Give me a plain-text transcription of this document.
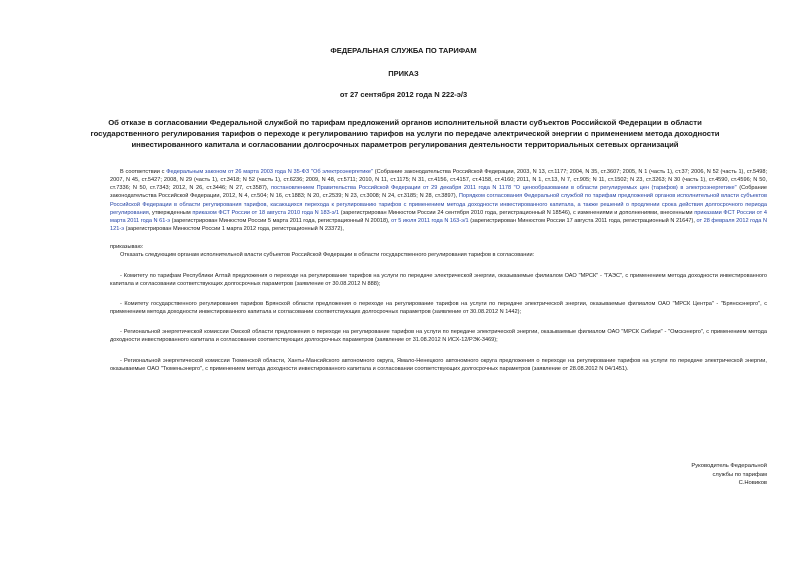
ФЕДЕРАЛЬНАЯ СЛУЖБА ПО ТАРИФАМ
ПРИКАЗ
от 27 сентября 2012 года N 222-э/3
Об отказе в согласовании Федеральной службой по тарифам предложений органов исполнительной власти субъектов Российской Федерации в области
государственного регулирования тарифов о переходе к регулированию тарифов на услуги по передаче электрической энергии с применением метода доходности
инвестированного капитала и согласовании долгосрочных параметров регулирования деятельности территориальных сетевых организаций

В соответствии с Федеральным законом от 26 марта 2003 года N 35-ФЗ "Об электроэнергетике" (Собрание законодательства Российской Федерации, 2003, N 13, ст.1177; 2004, N 35, ст.3607; 2005, N 1 (часть 1), ст.37; 2006, N 52 (часть 1), ст.5498; 2007, N 45, ст.5427; 2008, N 29 (часть 1), ст.3418; N 52 (часть 1), ст.6236; 2009, N 48, ст.5711; 2010, N 11, ст.1175; N 31, ст.4156, ст.4157, ст.4158, ст.4160; 2011, N 1, ст.13, N 7, ст.905; N 11, ст.1502; N 23, ст.3263; N 30 (часть 1), ст.4590, ст.4596; N 50, ст.7336; N 50, ст.7343; 2012, N 26, ст.3446; N 27, ст.3587), постановлением Правительства Российской Федерации от 29 декабря 2011 года N 1178 "О ценообразовании в области регулируемых цен (тарифов) в электроэнергетике" (Собрание законодательства Российской Федерации, 2012, N 4, ст.504; N 16, ст.1883; N 20, ст.2539; N 23, ст.3008; N 24, ст.3185; N 28, ст.3897), Порядком согласования Федеральной службой по тарифам предложений органов исполнительной власти субъектов Российской Федерации в области регулирования тарифов, касающихся перехода к регулированию тарифов с применением метода доходности инвестированного капитала, а также решений о продлении срока действия долгосрочного периода регулирования, утвержденным приказом ФСТ России от 18 августа 2010 года N 183-э/1 (зарегистрирован Минюстом России 24 сентября 2010 года, регистрационный N 18546), с изменениями и дополнениями, внесенными приказами ФСТ России от 4 марта 2011 года N 61-э (зарегистрирован Минюстом России 5 марта 2011 года, регистрационный N 20018), от 5 июля 2011 года N 163-э/1 (зарегистрирован Минюстом России 17 августа 2011 года, регистрационный N 21647), от 28 февраля 2012 года N 121-э (зарегистрирован Минюстом России 1 марта 2012 года, регистрационный N 23372),

приказываю:

Отказать следующим органам исполнительной власти субъектов Российской Федерации в области государственного регулирования тарифов в согласовании:

- Комитету по тарифам Республики Алтай предложения о переходе на регулирование тарифов на услуги по передаче электрической энергии, оказываемые филиалом ОАО "МРСК" - "ГАЭС", с применением метода доходности инвестированного капитала и согласовании соответствующих долгосрочных параметров (заявление от 30.08.2012 N 888);

- Комитету государственного регулирования тарифов Брянской области предложения о переходе на регулирование тарифов на услуги по передаче электрической энергии, оказываемые филиалом ОАО "МРСК Центра" - "Брянскэнерго", с применением метода доходности инвестированного капитала и согласовании соответствующих долгосрочных параметров (заявление от 30.08.2012 N 1442);

- Региональной энергетической комиссии Омской области предложения о переходе на регулирование тарифов на услуги по передаче электрической энергии, оказываемые филиалом ОАО "МРСК Сибири" - "Омскэнерго", с применением метода доходности инвестированного капитала и согласовании соответствующих долгосрочных параметров (заявление от 31.08.2012 N ИСХ-12/РЭК-3469);

- Региональной энергетической комиссии Тюменской области, Ханты-Мансийского автономного округа, Ямало-Ненецкого автономного округа предложения о переходе на регулирование тарифов на услуги по передаче электрической энергии, оказываемые ОАО "Тюменьэнерго", с применением метода доходности инвестированного капитала и согласовании соответствующих долгосрочных параметров (заявление от 28.08.2012 N 04/1451).

Руководитель Федеральной
службы по тарифам
С.Новиков
